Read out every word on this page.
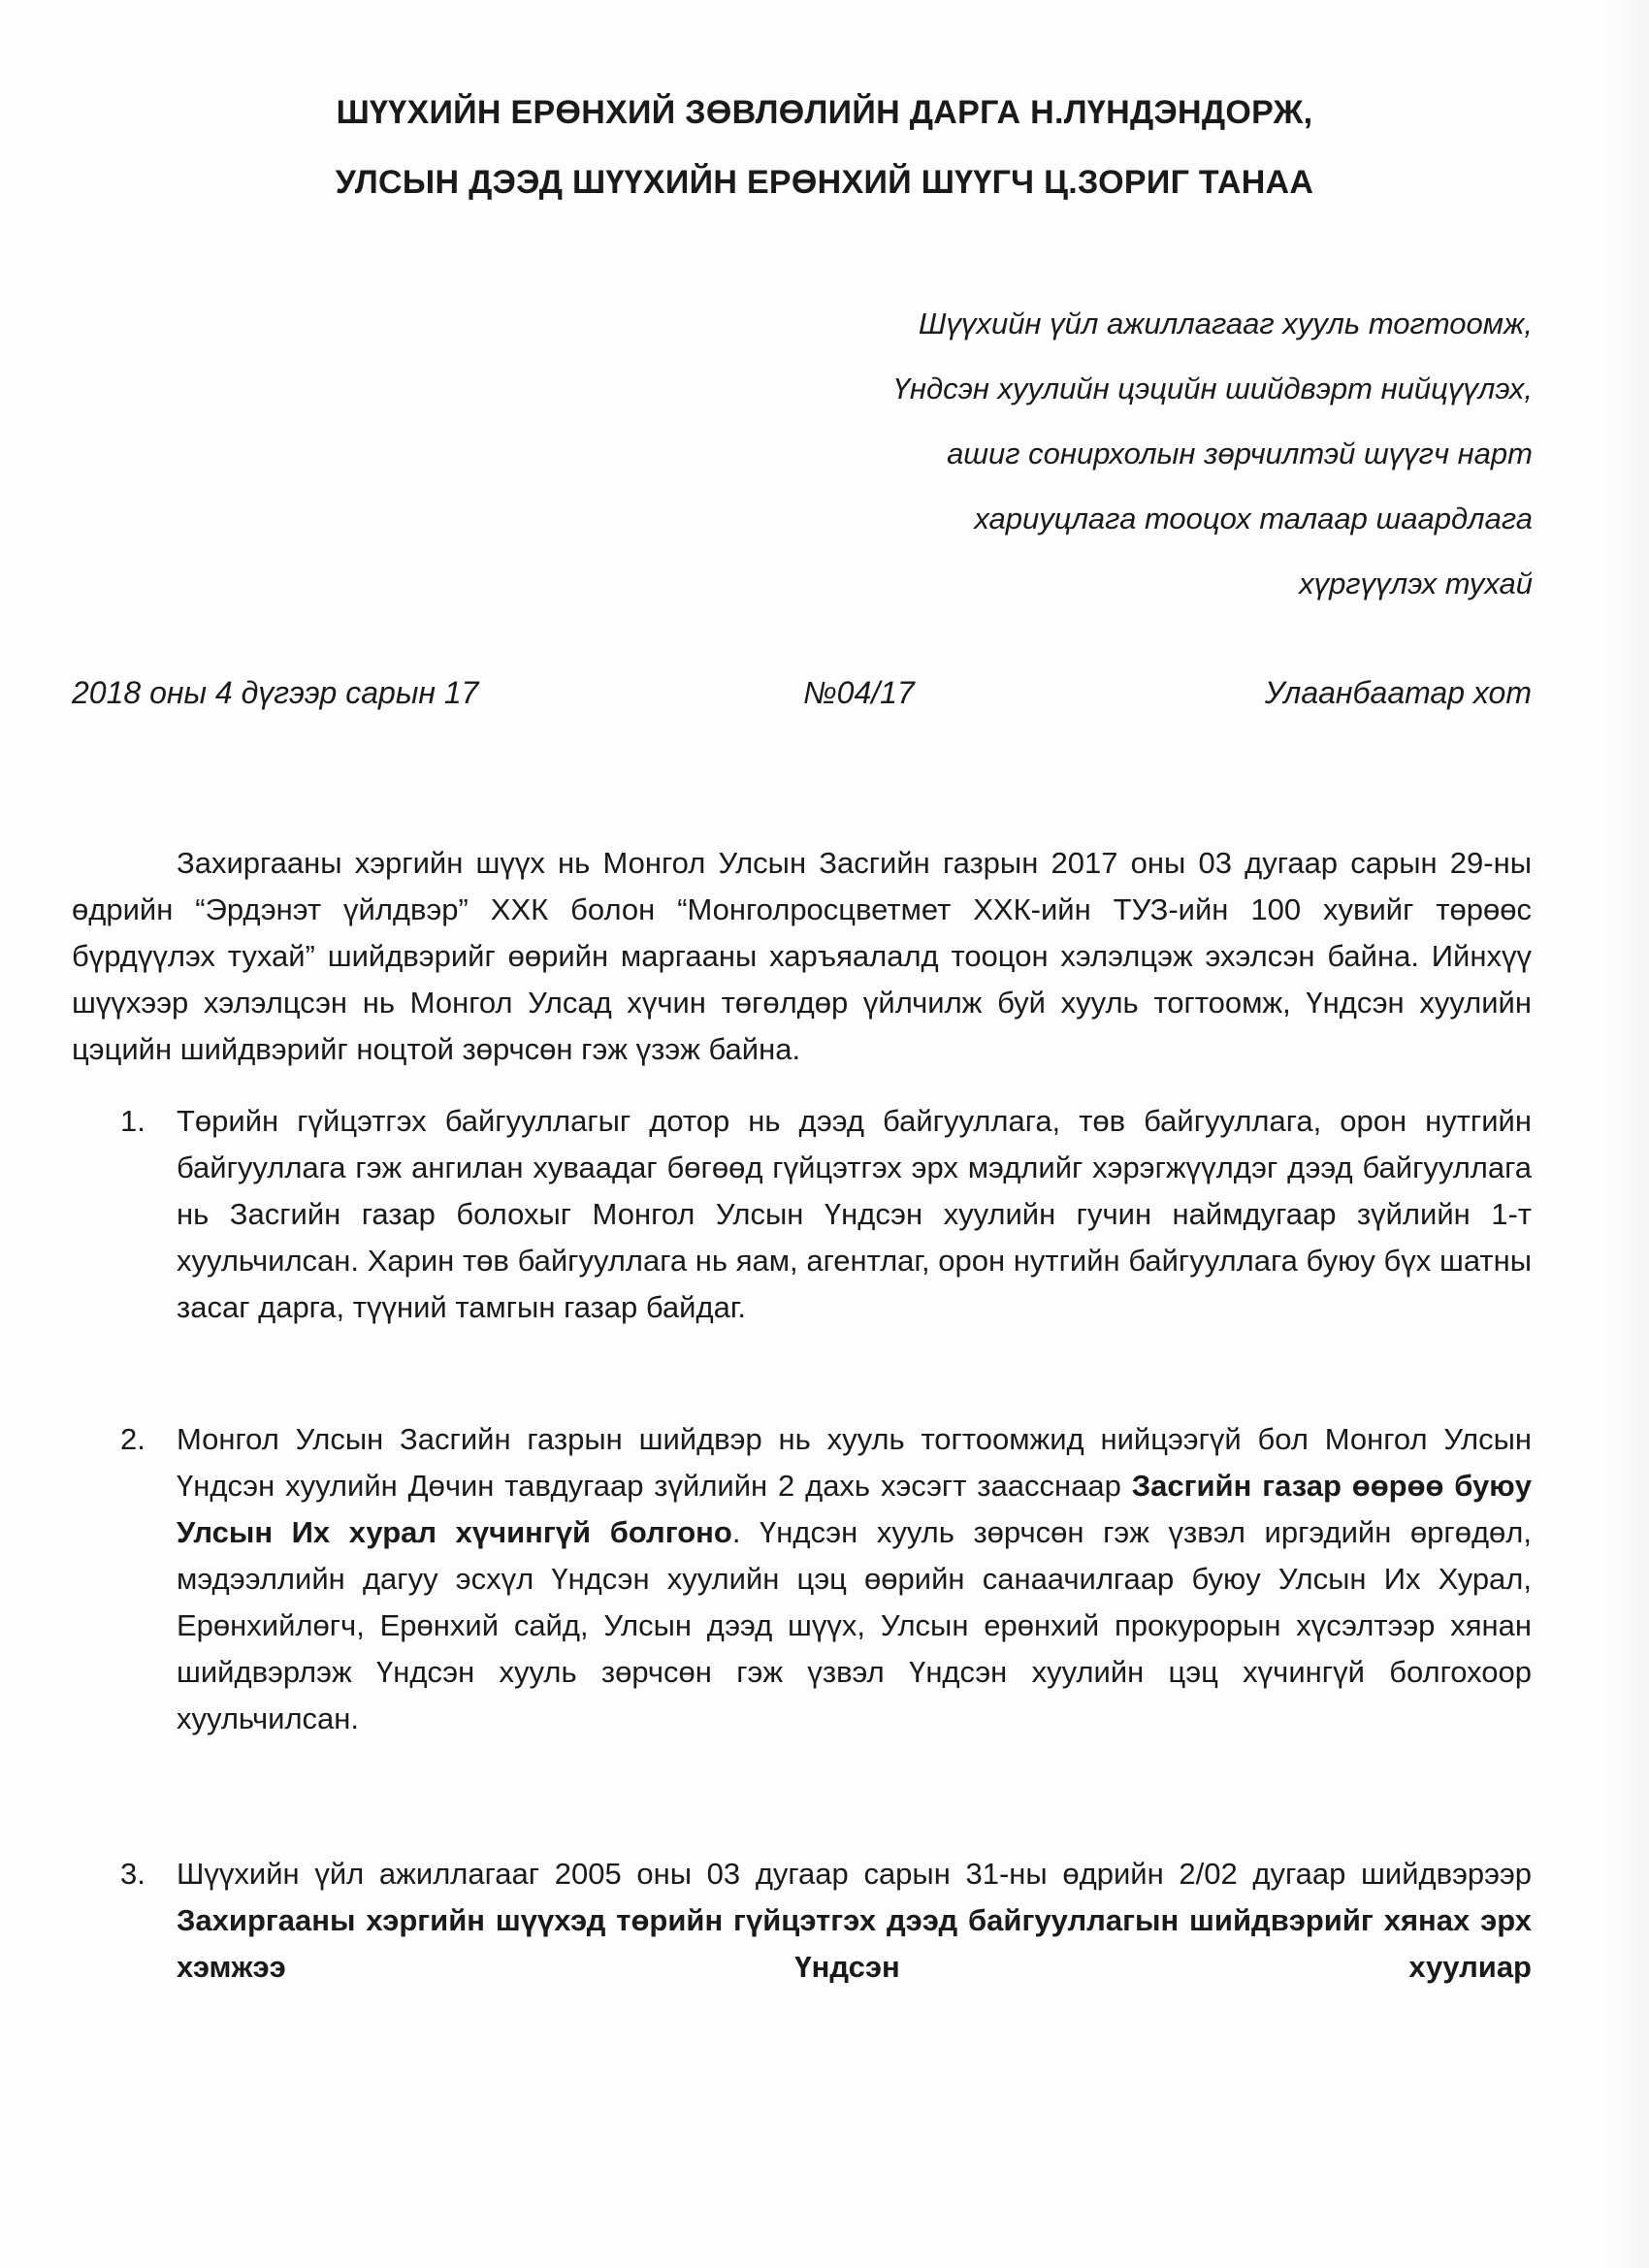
ШҮҮХИЙН ЕРӨНХИЙ ЗӨВЛӨЛИЙН ДАРГА Н.ЛҮНДЭНДОРЖ,
УЛСЫН ДЭЭД ШҮҮХИЙН ЕРӨНХИЙ ШҮҮГЧ Ц.ЗОРИГ ТАНАА
Шүүхийн үйл ажиллагааг хууль тогтоомж,
Үндсэн хуулийн цэцийн шийдвэрт нийцүүлэх,
ашиг сонирхолын зөрчилтэй шүүгч нарт
хариуцлага тооцох талаар шаардлага
хүргүүлэх тухай
2018 оны 4 дүгээр сарын 17	№04/17	Улаанбаатар хот

Захиргааны хэргийн шүүх нь Монгол Улсын Засгийн газрын 2017 оны 03 дугаар сарын 29-ны өдрийн “Эрдэнэт үйлдвэр” ХХК болон “Монголросцветмет ХХК-ийн ТУЗ-ийн 100 хувийг төрөөс бүрдүүлэх тухай” шийдвэрийг өөрийн маргааны харъяалалд тооцон хэлэлцэж эхэлсэн байна. Ийнхүү шүүхээр хэлэлцсэн нь Монгол Улсад хүчин төгөлдөр үйлчилж буй хууль тогтоомж, Үндсэн хуулийн цэцийн шийдвэрийг ноцтой зөрчсөн гэж үзэж байна.

1. Төрийн гүйцэтгэх байгууллагыг дотор нь дээд байгууллага, төв байгууллага, орон нутгийн байгууллага гэж ангилан хуваадаг бөгөөд гүйцэтгэх эрх мэдлийг хэрэгжүүлдэг дээд байгууллага нь Засгийн газар болохыг Монгол Улсын Үндсэн хуулийн гучин наймдугаар зүйлийн 1-т хуульчилсан. Харин төв байгууллага нь яам, агентлаг, орон нутгийн байгууллага буюу бүх шатны засаг дарга, түүний тамгын газар байдаг.
2. Монгол Улсын Засгийн газрын шийдвэр нь хууль тогтоомжид нийцээгүй бол Монгол Улсын Үндсэн хуулийн Дөчин тавдугаар зүйлийн 2 дахь хэсэгт заасснаар Засгийн газар өөрөө буюу Улсын Их хурал хүчингүй болгоно. Үндсэн хууль зөрчсөн гэж үзвэл иргэдийн өргөдөл, мэдээллийн дагуу эсхүл Үндсэн хуулийн цэц өөрийн санаачилгаар буюу Улсын Их Хурал, Ерөнхийлөгч, Ерөнхий сайд, Улсын дээд шүүх, Улсын ерөнхий прокурорын хүсэлтээр хянан шийдвэрлэж Үндсэн хууль зөрчсөн гэж үзвэл Үндсэн хуулийн цэц хүчингүй болгохоор хуульчилсан.
3. Шүүхийн үйл ажиллагааг 2005 оны 03 дугаар сарын 31-ны өдрийн 2/02 дугаар шийдвэрээр Захиргааны хэргийн шүүхэд төрийн гүйцэтгэх дээд байгууллагын шийдвэрийг хянах эрх хэмжээ Үндсэн хуулиар
